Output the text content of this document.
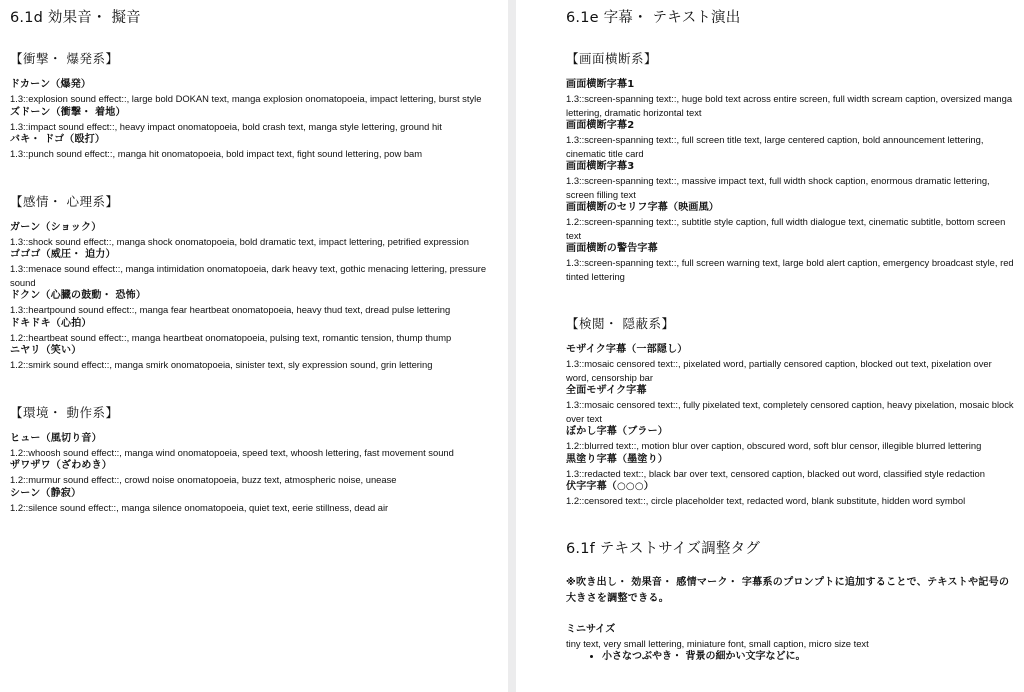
6.1d 効果音・ 擬音
【衝撃・ 爆発系】
ドカーン（爆発）
1.3::explosion sound effect::, large bold DOKAN text, manga explosion onomatopoeia, impact lettering, burst style
ズドーン（衝撃・ 着地）
1.3::impact sound effect::, heavy impact onomatopoeia, bold crash text, manga style lettering, ground hit
バキ・ ドゴ（殴打）
1.3::punch sound effect::, manga hit onomatopoeia, bold impact text, fight sound lettering, pow bam
【感情・ 心理系】
ガーン（ショック）
1.3::shock sound effect::, manga shock onomatopoeia, bold dramatic text, impact lettering, petrified expression
ゴゴゴ（威圧・ 迫力）
1.3::menace sound effect::, manga intimidation onomatopoeia, dark heavy text, gothic menacing lettering, pressure sound
ドクン（心臓の鼓動・ 恐怖）
1.3::heartpound sound effect::, manga fear heartbeat onomatopoeia, heavy thud text, dread pulse lettering
ドキドキ（心拍）
1.2::heartbeat sound effect::, manga heartbeat onomatopoeia, pulsing text, romantic tension, thump thump
ニヤリ（笑い）
1.2::smirk sound effect::, manga smirk onomatopoeia, sinister text, sly expression sound, grin lettering
【環境・ 動作系】
ヒュー（風切り音）
1.2::whoosh sound effect::, manga wind onomatopoeia, speed text, whoosh lettering, fast movement sound
ザワザワ（ざわめき）
1.2::murmur sound effect::, crowd noise onomatopoeia, buzz text, atmospheric noise, unease
シーン（静寂）
1.2::silence sound effect::, manga silence onomatopoeia, quiet text, eerie stillness, dead air
6.1e 字幕・ テキスト演出
【画面横断系】
画面横断字幕1
1.3::screen-spanning text::, huge bold text across entire screen, full width scream caption, oversized manga lettering, dramatic horizontal text
画面横断字幕2
1.3::screen-spanning text::, full screen title text, large centered caption, bold announcement lettering, cinematic title card
画面横断字幕3
1.3::screen-spanning text::, massive impact text, full width shock caption, enormous dramatic lettering, screen filling text
画面横断のセリフ字幕（映画風）
1.2::screen-spanning text::, subtitle style caption, full width dialogue text, cinematic subtitle, bottom screen text
画面横断の警告字幕
1.3::screen-spanning text::, full screen warning text, large bold alert caption, emergency broadcast style, red tinted lettering
【検閲・ 隠蔽系】
モザイク字幕（一部隠し）
1.3::mosaic censored text::, pixelated word, partially censored caption, blocked out text, pixelation over word, censorship bar
全面モザイク字幕
1.3::mosaic censored text::, fully pixelated text, completely censored caption, heavy pixelation, mosaic block over text
ぼかし字幕（ブラー）
1.2::blurred text::, motion blur over caption, obscured word, soft blur censor, illegible blurred lettering
黒塗り字幕（墨塗り）
1.3::redacted text::, black bar over text, censored caption, blacked out word, classified style redaction
伏字字幕（○○○）
1.2::censored text::, circle placeholder text, redacted word, blank substitute, hidden word symbol
6.1f テキストサイズ調整タグ
※吹き出し・ 効果音・ 感情マーク・ 字幕系のプロンプトに追加することで、テキストや記号の大きさを調整できる。
ミニサイズ
tiny text, very small lettering, miniature font, small caption, micro size text
• 小さなつぶやき・ 背景の細かい文字などに。
